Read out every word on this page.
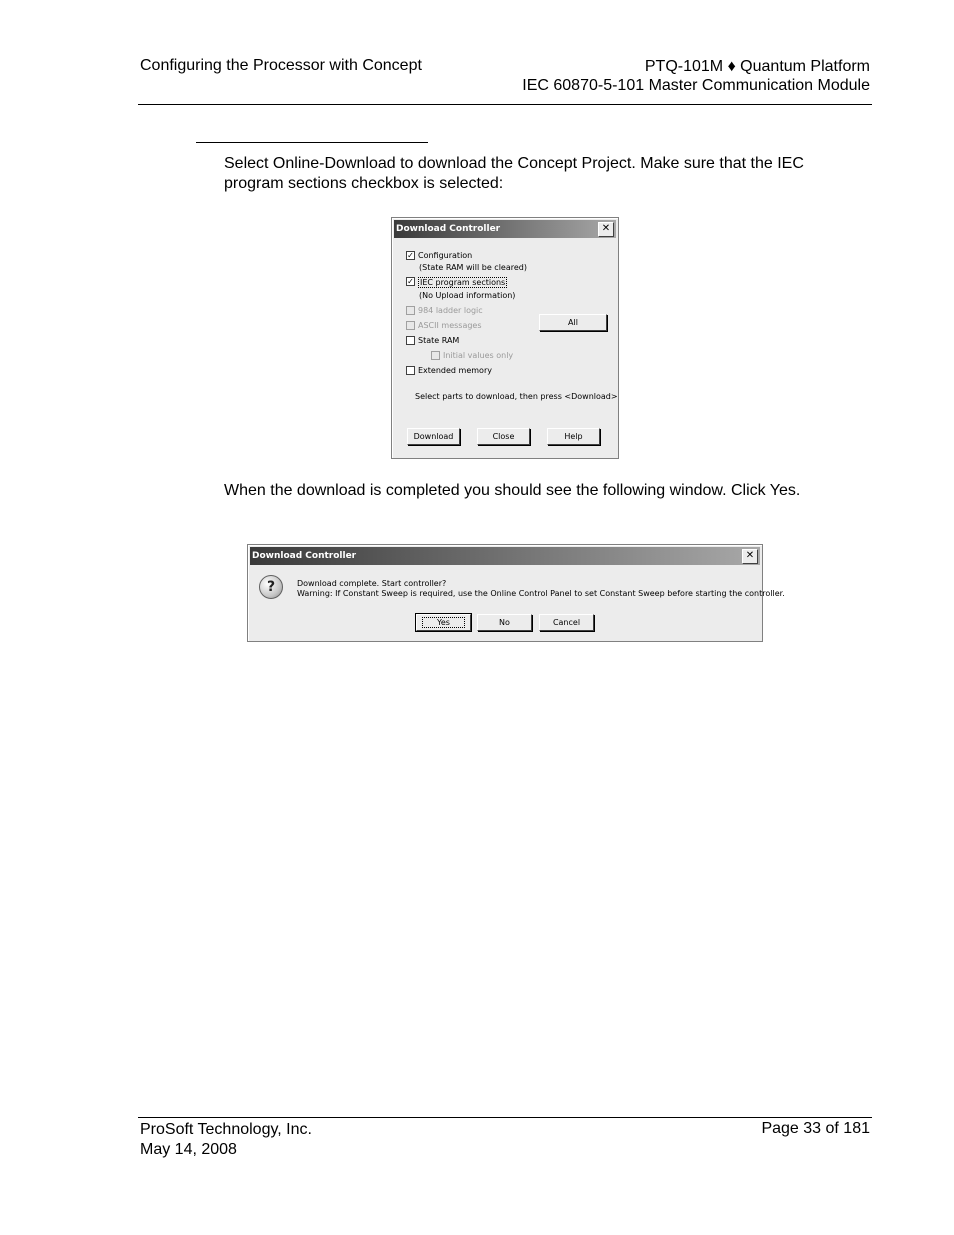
Configuring the Processor with Concept	PTQ-101M ♦ Quantum Platform
IEC 60870-5-101 Master Communication Module
Select Online-Download to download the Concept Project. Make sure that the IEC program sections checkbox is selected:
Download Controller	✕
✓ Configuration
(State RAM will be cleared)
✓ IEC program sections
(No Upload information)
984 ladder logic
ASCII messages	All
State RAM
Initial values only
Extended memory
Select parts to download, then press <Download>
Download	Close	Help
When the download is completed you should see the following window. Click Yes.
Download Controller	✕
?	Download complete. Start controller?
Warning: If Constant Sweep is required, use the Online Control Panel to set Constant Sweep before starting the controller.
Yes	No	Cancel
ProSoft Technology, Inc.
May 14, 2008
Page 33 of 181
